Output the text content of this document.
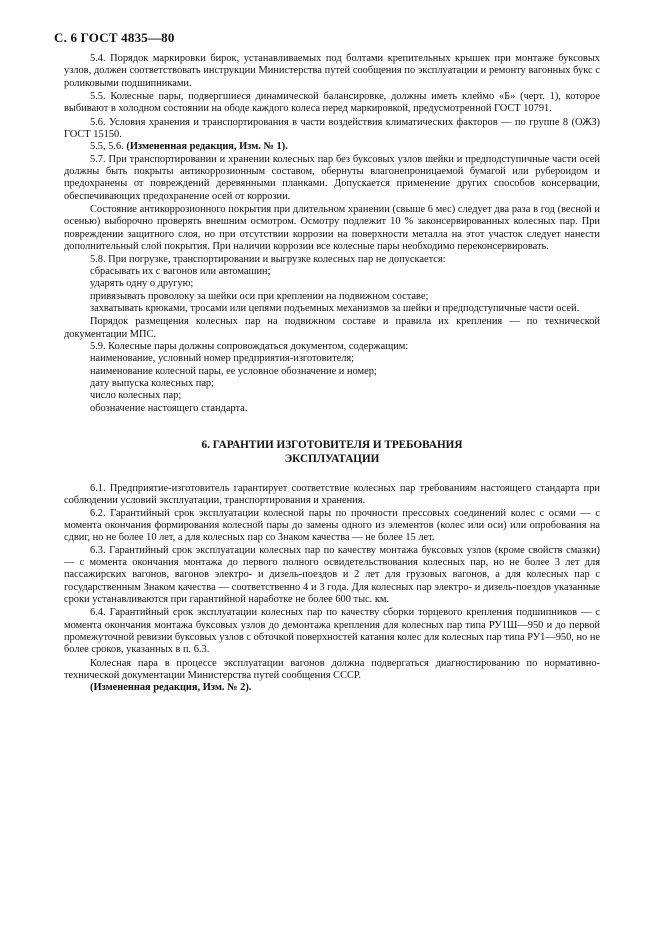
С. 6 ГОСТ 4835—80

5.4. Порядок маркировки бирок, устанавливаемых под болтами крепительных крышек при монтаже буксовых узлов, должен соответствовать инструкции Министерства путей сообщения по эксплуатации и ремонту вагонных букс с роликовыми подшипниками.

5.5. Колесные пары, подвергшиеся динамической балансировке, должны иметь клеймо «Б» (черт. 1), которое выбивают в холодном состоянии на ободе каждого колеса перед маркировкой, предусмотренной ГОСТ 10791.

5.6. Условия хранения и транспортирования в части воздействия климатических факторов — по группе 8 (ОЖЗ) ГОСТ 15150.

5.5, 5.6. (Измененная редакция, Изм. № 1).

5.7. При транспортировании и хранении колесных пар без буксовых узлов шейки и предподступичные части осей должны быть покрыты антикоррозионным составом, обернуты влагонепроницаемой бумагой или рубероидом и предохранены от повреждений деревянными планками. Допускается применение других способов консервации, обеспечивающих предохранение осей от коррозии.

Состояние антикоррозионного покрытия при длительном хранении (свыше 6 мес) следует два раза в год (весной и осенью) выборочно проверять внешним осмотром. Осмотру подлежит 10 % законсервированных колесных пар. При повреждении защитного слоя, но при отсутствии коррозии на поверхности металла на этот участок следует нанести дополнительный слой покрытия. При наличии коррозии все колесные пары необходимо переконсервировать.

5.8. При погрузке, транспортировании и выгрузке колесных пар не допускается:

сбрасывать их с вагонов или автомашин;

ударять одну о другую;

привязывать проволоку за шейки оси при креплении на подвижном составе;

захватывать крюками, тросами или цепями подъемных механизмов за шейки и предподступичные части осей.

Порядок размещения колесных пар на подвижном составе и правила их крепления — по технической документации МПС.

5.9. Колесные пары должны сопровождаться документом, содержащим:

наименование, условный номер предприятия-изготовителя;

наименование колесной пары, ее условное обозначение и номер;

дату выпуска колесных пар;

число колесных пар;

обозначение настоящего стандарта.

6. ГАРАНТИИ ИЗГОТОВИТЕЛЯ И ТРЕБОВАНИЯ
ЭКСПЛУАТАЦИИ

6.1. Предприятие-изготовитель гарантирует соответствие колесных пар требованиям настоящего стандарта при соблюдении условий эксплуатации, транспортирования и хранения.

6.2. Гарантийный срок эксплуатации колесной пары по прочности прессовых соединений колес с осями — с момента окончания формирования колесной пары до замены одного из элементов (колес или оси) или опробования на сдвиг, но не более 10 лет, а для колесных пар со Знаком качества — не более 15 лет.

6.3. Гарантийный срок эксплуатации колесных пар по качеству монтажа буксовых узлов (кроме свойств смазки) — с момента окончания монтажа до первого полного освидетельствования колесных пар, но не более 3 лет для пассажирских вагонов, вагонов электро- и дизель-поездов и 2 лет для грузовых вагонов, а для колесных пар с государственным Знаком качества — соответственно 4 и 3 года. Для колесных пар электро- и дизель-поездов указанные сроки устанавливаются при гарантийной наработке не более 600 тыс. км.

6.4. Гарантийный срок эксплуатации колесных пар по качеству сборки торцевого крепления подшипников — с момента окончания монтажа буксовых узлов до демонтажа крепления для колесных пар типа РУ1Ш—950 и до первой промежуточной ревизии буксовых узлов с обточкой поверхностей катания колес для колесных пар типа РУ1—950, но не более сроков, указанных в п. 6.3.

Колесная пара в процессе эксплуатации вагонов должна подвергаться диагностированию по нормативно-технической документации Министерства путей сообщения СССР.

(Измененная редакция, Изм. № 2).
